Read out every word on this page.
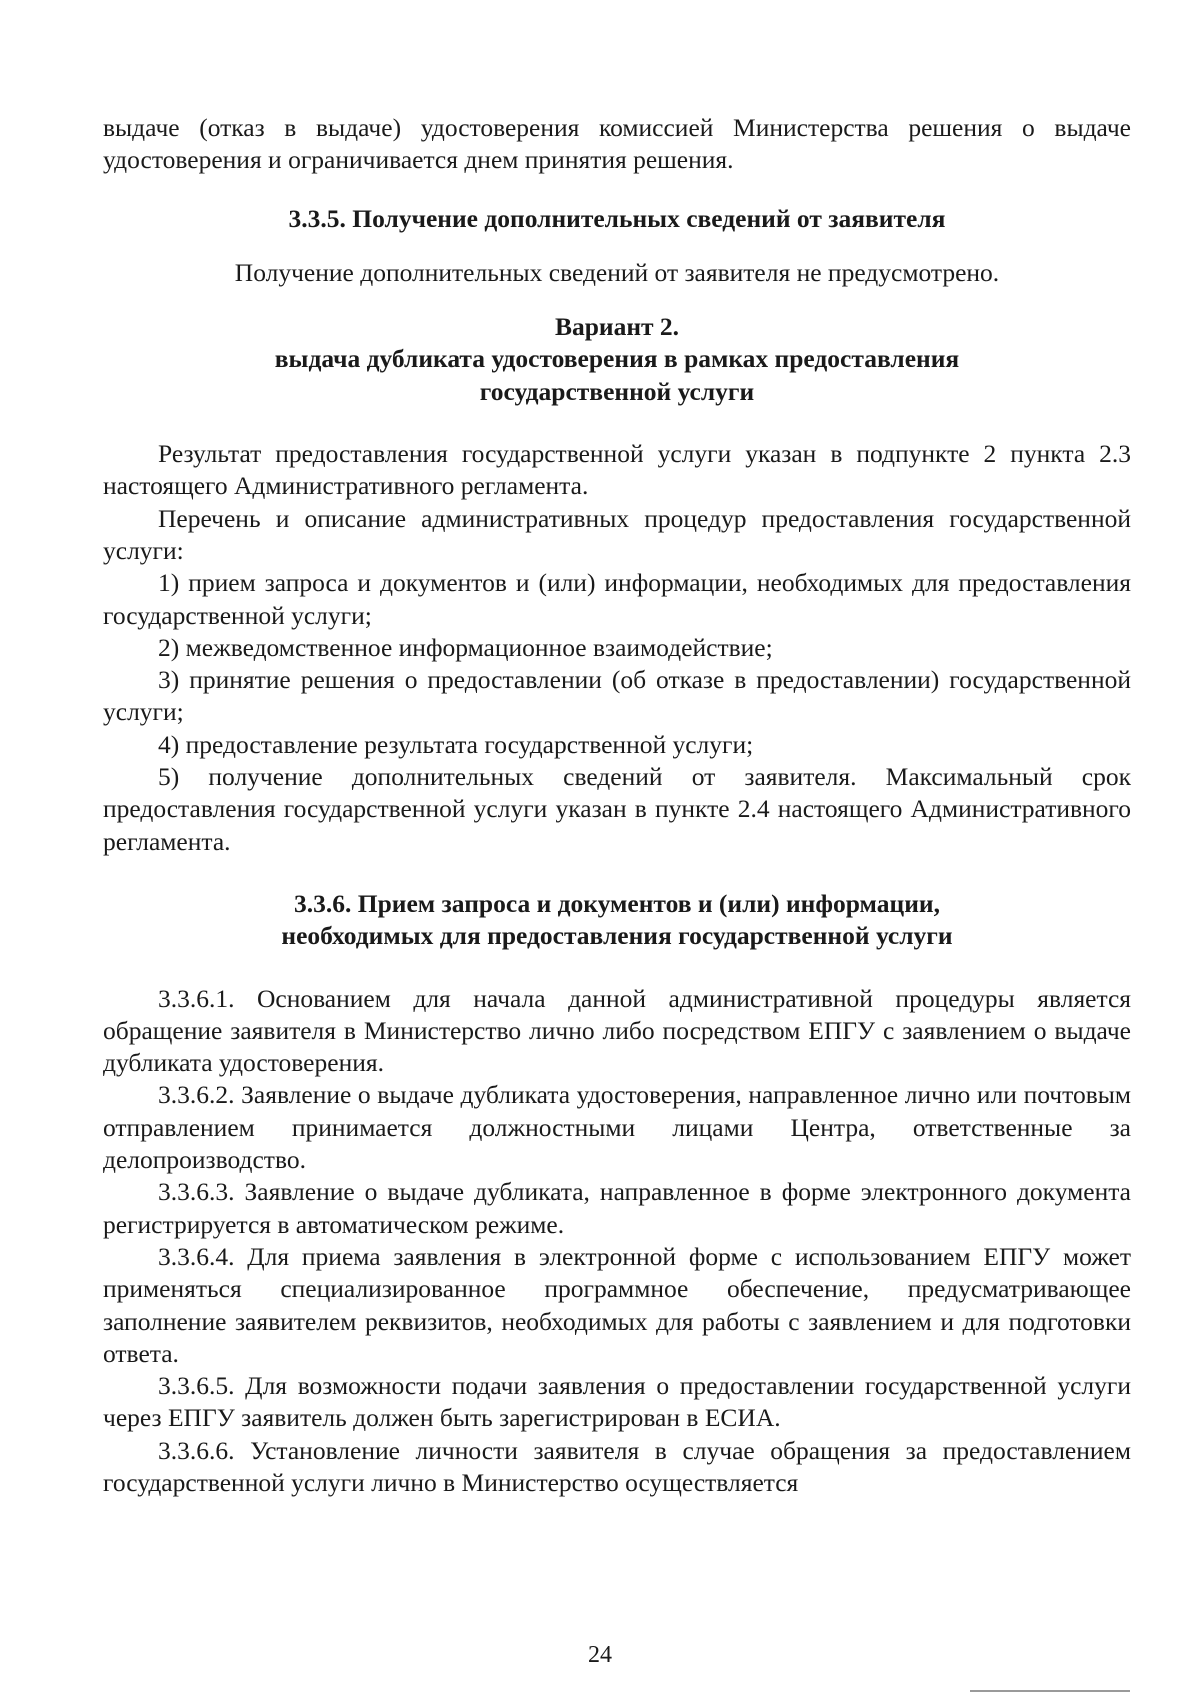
выдаче (отказ в выдаче) удостоверения комиссией Министерства решения о выдаче удостоверения и ограничивается днем принятия решения.

3.3.5. Получение дополнительных сведений от заявителя

Получение дополнительных сведений от заявителя не предусмотрено.

Вариант 2.

выдача дубликата удостоверения в рамках предоставления

государственной услуги

Результат предоставления государственной услуги указан в подпункте 2 пункта 2.3 настоящего Административного регламента.

Перечень и описание административных процедур предоставления государственной услуги:

1) прием запроса и документов и (или) информации, необходимых для предоставления государственной услуги;

2) межведомственное информационное взаимодействие;

3) принятие решения о предоставлении (об отказе в предоставлении) государственной услуги;

4) предоставление результата государственной услуги;

5) получение дополнительных сведений от заявителя. Максимальный срок предоставления государственной услуги указан в пункте 2.4 настоящего Административного регламента.

3.3.6. Прием запроса и документов и (или) информации,

необходимых для предоставления государственной услуги

3.3.6.1. Основанием для начала данной административной процедуры является обращение заявителя в Министерство лично либо посредством ЕПГУ с заявлением о выдаче дубликата удостоверения.

3.3.6.2. Заявление о выдаче дубликата удостоверения, направленное лично или почтовым отправлением принимается должностными лицами Центра, ответственные за делопроизводство.

3.3.6.3. Заявление о выдаче дубликата, направленное в форме электронного документа регистрируется в автоматическом режиме.

3.3.6.4. Для приема заявления в электронной форме с использованием ЕПГУ может применяться специализированное программное обеспечение, предусматривающее заполнение заявителем реквизитов, необходимых для работы с заявлением и для подготовки ответа.

3.3.6.5. Для возможности подачи заявления о предоставлении государственной услуги через ЕПГУ заявитель должен быть зарегистрирован в ЕСИА.

3.3.6.6. Установление личности заявителя в случае обращения за предоставлением государственной услуги лично в Министерство осуществляется

24
